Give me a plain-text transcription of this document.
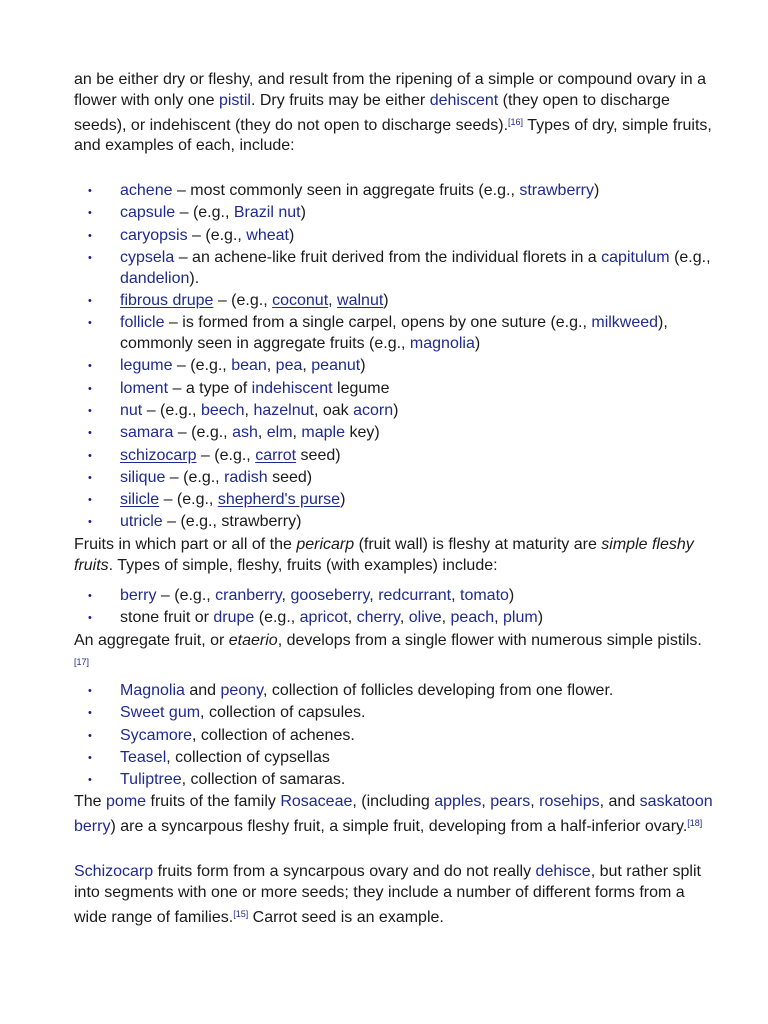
an be either dry or fleshy, and result from the ripening of a simple or compound ovary in a flower with only one pistil. Dry fruits may be either dehiscent (they open to discharge seeds), or indehiscent (they do not open to discharge seeds).[16] Types of dry, simple fruits, and examples of each, include:

• achene – most commonly seen in aggregate fruits (e.g., strawberry)
• capsule – (e.g., Brazil nut)
• caryopsis – (e.g., wheat)
• cypsela – an achene-like fruit derived from the individual florets in a capitulum (e.g., dandelion).
• fibrous drupe – (e.g., coconut, walnut)
• follicle – is formed from a single carpel, opens by one suture (e.g., milkweed), commonly seen in aggregate fruits (e.g., magnolia)
• legume – (e.g., bean, pea, peanut)
• loment – a type of indehiscent legume
• nut – (e.g., beech, hazelnut, oak acorn)
• samara – (e.g., ash, elm, maple key)
• schizocarp – (e.g., carrot seed)
• silique – (e.g., radish seed)
• silicle – (e.g., shepherd's purse)
• utricle – (e.g., strawberry)

Fruits in which part or all of the pericarp (fruit wall) is fleshy at maturity are simple fleshy fruits. Types of simple, fleshy, fruits (with examples) include:

• berry – (e.g., cranberry, gooseberry, redcurrant, tomato)
• stone fruit or drupe (e.g., apricot, cherry, olive, peach, plum)

An aggregate fruit, or etaerio, develops from a single flower with numerous simple pistils.[17]

• Magnolia and peony, collection of follicles developing from one flower.
• Sweet gum, collection of capsules.
• Sycamore, collection of achenes.
• Teasel, collection of cypsellas
• Tuliptree, collection of samaras.

The pome fruits of the family Rosaceae, (including apples, pears, rosehips, and saskatoon berry) are a syncarpous fleshy fruit, a simple fruit, developing from a half-inferior ovary.[18]

Schizocarp fruits form from a syncarpous ovary and do not really dehisce, but rather split into segments with one or more seeds; they include a number of different forms from a wide range of families.[15] Carrot seed is an example.
